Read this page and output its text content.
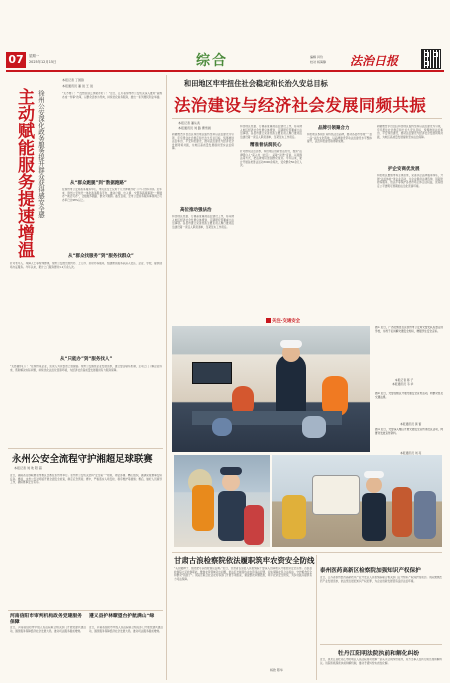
07	星期一
2025年12月15日	综合	编辑 肖玲
校对 杨海静 法治日报
本报记者 丁国锋
本报通讯员 潘 进 王 进
主动赋能服务提速增温 徐州公安深化政务服务提升群众获得感安全感	“太方便了！”“没想到这么快就办好了！”近日，江苏省徐州市公安机关深入推进“高效办成一件事”改革，以群众需求为导向，持续优化政务服务，推出一系列便民利企举措。
从“群众跑腿”到“数据跑路”
在徐州市公安局政务服务中心，市民张女士仅用十几分钟就办好了户口迁移手续。近年来，徐州公安依托一体化政务服务平台，推动户籍、出入境、交管等高频事项“一网通办”“就近可办”，让数据多跑路、群众少跑腿。截至目前，全市公安政务服务事项网上可办率已达98%以上。
从“群众找服务”到“服务找群众”
针对老年人、残障人士等特殊群体，徐州公安推出预约办、上门办、延时办等服务，组建便民服务队深入社区、企业、学校，提供现场办证服务。今年以来，累计上门服务群众1.2万余人次。
从“只能办”到“服务找人”
“太感谢你们了！”在徐州某企业，负责人为民警送上感谢信。徐州公安围绕企业发展需求，建立警企联系机制，主动上门了解企业诉求，帮助解决实际问题，持续优化法治化营商环境，为经济社会高质量发展提供有力服务保障。
永州公安全流程守护湘超足球联赛
本报记者 刘 欢 阳 超
近日，湖南省足球联赛永州赛区比赛在永州市举行。永州市公安机关坚持“安全第一”原则，周密部署、精心组织，圆满完成赛事安保任务。赛前，永州公安对场馆开展全面安全检查，制定应急预案；赛中，严格落实入场安检、秩序维护等措施；赛后，做好人员疏导工作，确保赛事安全有序。
河南信阳市审判机构政务党建服务保障
近日，河南省信阳市中级人民法院联合相关部门开展党建共建活动，围绕服务保障经济社会发展大局，推动司法服务提质增效。
遵义县护林瞭望台护航满山“绿
近日，河南省信阳市中级人民法院联合相关部门开展党建共建活动，围绕服务保障经济社会发展大局，推动司法服务提质增效。
和田地区牢牢扭住社会稳定和长治久安总目标
法治建设与经济社会发展同频共振
本报记者 潘从武
本报通讯员 刘 路 曹雪晨
新疆维吾尔自治区和田地区始终坚持以法治建设为引领，牢牢扭住社会稳定和长治久安总目标，统筹推进法治和田、平安和田建设，推动法治建设与经济社会发展同频共振，为地区高质量发展提供坚实法治保障。
高位推动强法治
和田地区党委、行署高度重视法治建设工作，将其纳入地区经济社会发展总体规划，定期研究部署重大法治事项。各县市建立完善党政主要负责人履行推进法治建设第一责任人职责清单，压紧压实工作责任。
和田地区党委、行署高度重视法治建设工作，将其纳入地区经济社会发展总体规划，定期研究部署重大法治事项。各县市建立完善党政主要负责人履行推进法治建设第一责任人职责清单，压紧压实工作责任。
精准普法润民心
针对群众法治需求，和田地区创新普法形式，组织“法律明白人”深入村（社区），采取“双语”宣讲、以案释法等方式，把法律知识送到群众身边。今年以来，累计开展各类普法活动3000余场次，受众群众50余万人次。
品牌引领聚合力
和田地区积极打造特色法治品牌，推动各县市形成“一县一品”法治文化阵地，以品牌建设带动法治建设水平整体提升，法治和田建设取得新成效。
新疆维吾尔自治区和田地区始终坚持以法治建设为引领，牢牢扭住社会稳定和长治久安总目标，统筹推进法治和田、平安和田建设，推动法治建设与经济社会发展同频共振，为地区高质量发展提供坚实法治保障。
护企安商优发展
和田地区聚焦市场主体需求，完善涉企法律服务体系，开展“法治体检”进企业活动，为企业提供法律咨询、风险防控等服务，依法平等保护各类市场主体合法权益，营造稳定公平透明可预期的法治化营商环境。
关注·交通安全
图① 近日，广西壮族自治区钦州市公安局交警支队民警走进学校，为孩子们讲解交通安全知识，增强学生安全意识。
本报记者 蒋 子
本报通讯员 韦 华
图② 近日，交警在辖区开展交通安全宣传活动，向群众普及交通法规。
本报通讯员 黄 蕾
图③ 近日，交警深入辖区开展交通安全宣传进社区活动，向群众发放宣传资料。
本报通讯员 刘 亮
甘肃古浪检察院依法履职筑牢农资安全防线
“买到假种子、假化肥可以找检察官反映。”近日，甘肃省古浪县人民检察院干警深入田间地头开展农资安全宣传。古浪县检察院立足检察职能，聚焦农资领域突出问题，依法打击制售伪劣农资违法犯罪，切实保障农民合法权益，守护粮食安全和群众“钱袋子”。该院还联合农业农村等部门开展专项检查，督促整改问题隐患，筑牢农资安全防线，为乡村振兴提供有力司法保障。
杨欣 陈华
泰州医药高新区检察院加强知识产权保护
近日，江苏省泰州医药高新技术产业开发区人民检察院联合相关部门召开知识产权保护座谈会。该院聚焦医药产业发展需求，依法惩治侵犯知识产权犯罪，为企业创新发展营造良好法治环境。
牡丹江阳明法院执前和解化纠纷
近日，黑龙江省牡丹江市阳明区人民法院成功化解一起买卖合同纠纷案件，双方当事人在执行前达成和解协议。该院积极探索执前和解机制，推动矛盾纠纷实质性化解。
